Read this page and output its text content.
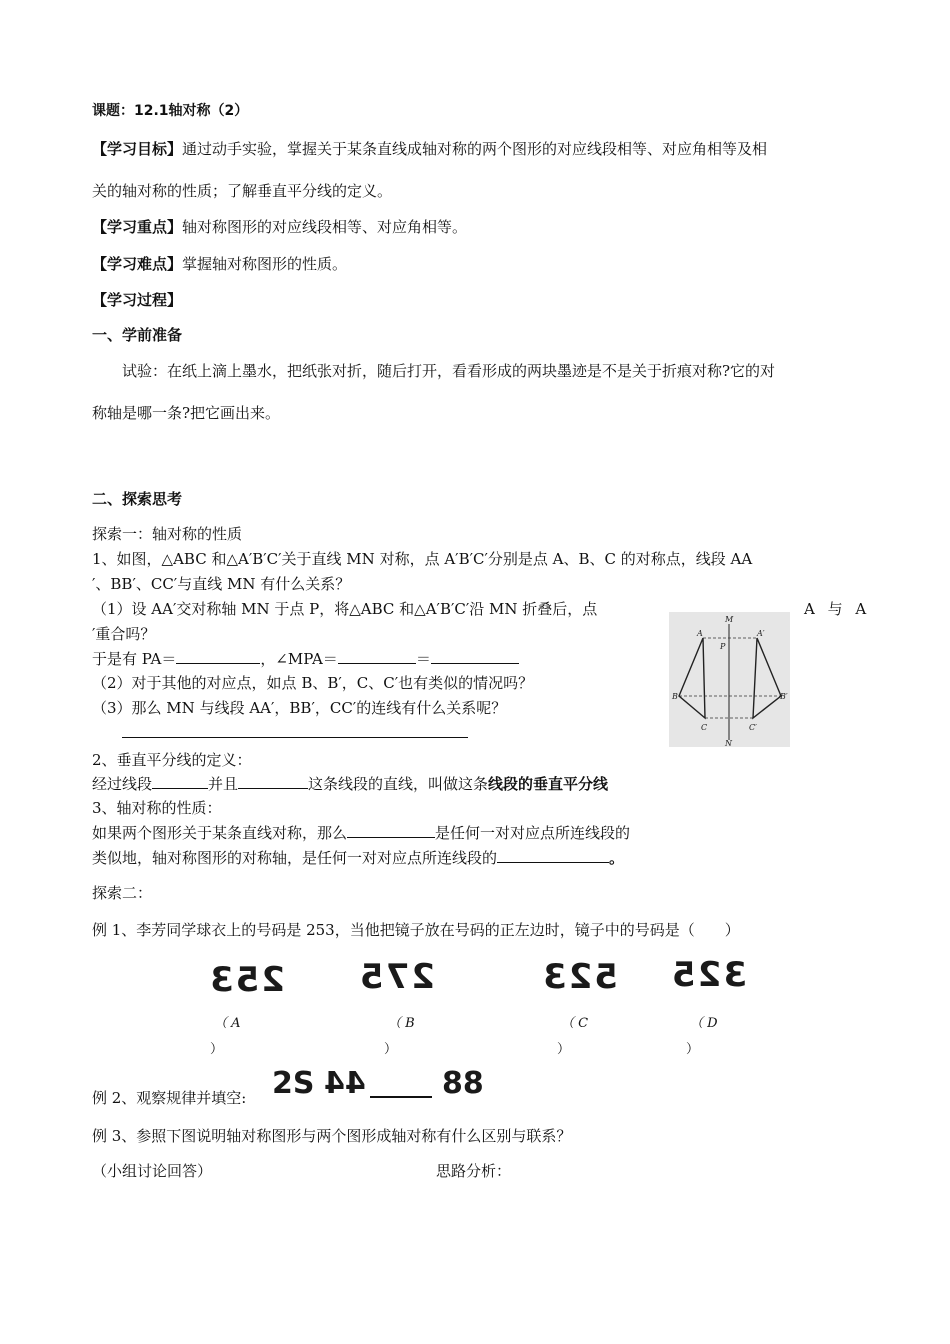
课题：12.1轴对称（2）
【学习目标】通过动手实验，掌握关于某条直线成轴对称的两个图形的对应线段相等、对应角相等及相
关的轴对称的性质；了解垂直平分线的定义。
【学习重点】轴对称图形的对应线段相等、对应角相等。
【学习难点】掌握轴对称图形的性质。
【学习过程】
一、学前准备
试验：在纸上滴上墨水，把纸张对折，随后打开，看看形成的两块墨迹是不是关于折痕对称?它的对
称轴是哪一条?把它画出来。
二、探索思考
探索一：轴对称的性质
1、如图，△ABC 和△A′B′C′关于直线 MN 对称，点 A′B′C′分别是点 A、B、C 的对称点，线段 AA
′、BB′、CC′与直线 MN 有什么关系？
（1）设 AA′交对称轴 MN 于点 P，将△ABC 和△A′B′C′沿 MN 折叠后，点	A 与 A
′重合吗？
于是有 PA＝	，∠MPA＝	＝
（2）对于其他的对应点，如点 B、B′，C、C′也有类似的情况吗？
（3）那么 MN 与线段 AA′，BB′，CC′的连线有什么关系呢？
M
N
A	A′
B	B′
C	C′
P
2、垂直平分线的定义：
经过线段	并且	这条线段的直线，叫做这条线段的垂直平分线
3、轴对称的性质：
如果两个图形关于某条直线对称，那么	是任何一对对应点所连线段的
类似地，轴对称图形的对称轴，是任何一对对应点所连线段的	。
探索二：
例 1、李芳同学球衣上的号码是 253，当他把镜子放在号码的正左边时，镜子中的号码是（　　）
253 275	523 325
（ A
）
（ B
）
（ C
）
（ D
）
例 2、观察规律并填空: 2S 44	88
例 3、参照下图说明轴对称图形与两个图形成轴对称有什么区别与联系？
（小组讨论回答）	思路分析：
